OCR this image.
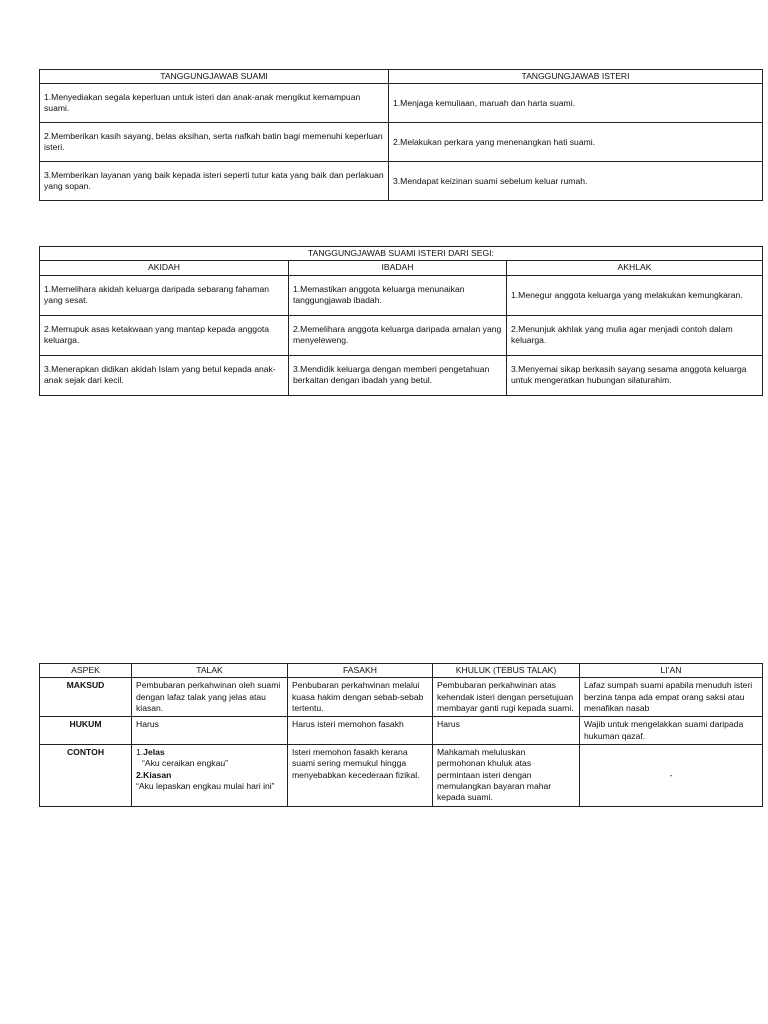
TANGGUNGJAWAB SUAMI	TANGGUNGJAWAB ISTERI
1.Menyediakan segala keperluan untuk isteri dan anak-anak mengikut kemampuan suami.	1.Menjaga kemuliaan, maruah dan harta suami.
2.Memberikan kasih sayang, belas aksihan, serta nafkah batin bagi memenuhi keperluan isteri.	2.Melakukan perkara yang menenangkan hati suami.
3.Memberikan layanan yang baik kepada isteri seperti tutur kata yang baik dan perlakuan yang sopan.	3.Mendapat keizinan suami sebelum keluar rumah.
TANGGUNGJAWAB SUAMI ISTERI DARI SEGI:		
AKIDAH	IBADAH	AKHLAK
1.Memelihara akidah keluarga daripada sebarang fahaman yang sesat.	1.Memastikan anggota keluarga menunaikan tanggungjawab ibadah.	1.Menegur anggota keluarga yang melakukan kemungkaran.
2.Memupuk asas ketakwaan yang mantap kepada anggota keluarga.	2.Memelihara anggota keluarga daripada amalan yang menyeleweng.	2.Menunjuk akhlak yang mulia agar menjadi contoh dalam keluarga.
3.Menerapkan didikan akidah Islam yang betul kepada anak-anak sejak dari kecil.	3.Mendidik keluarga dengan memberi pengetahuan berkaitan dengan ibadah yang betul.	3.Menyemai sikap berkasih sayang sesama anggota keluarga untuk mengeratkan hubungan silaturahim.
ASPEK	TALAK	FASAKH	KHULUK (TEBUS TALAK)	LI’AN
MAKSUD	Pembubaran perkahwinan oleh suami dengan lafaz talak yang jelas atau kiasan.	Penbubaran perkahwinan melalui kuasa hakim dengan sebab-sebab tertentu.	Pembubaran perkahwinan atas kehendak isteri dengan persetujuan membayar ganti rugi kepada suami.	Lafaz sumpah suami apabila menuduh isteri berzina tanpa ada empat orang saksi atau menafikan nasab
HUKUM	Harus	Harus isteri memohon fasakh	Harus	Wajib untuk mengelakkan suami daripada hukuman qazaf.
CONTOH	1.Jelas
“Aku ceraikan engkau”
2.Kiasan
“Aku lepaskan engkau mulai hari ini”	Isteri memohon fasakh kerana suami sering memukul hingga menyebabkan kecederaan fizikal.	Mahkamah meluluskan permohonan khuluk atas permintaan isteri dengan memulangkan bayaran mahar kepada suami.	-
